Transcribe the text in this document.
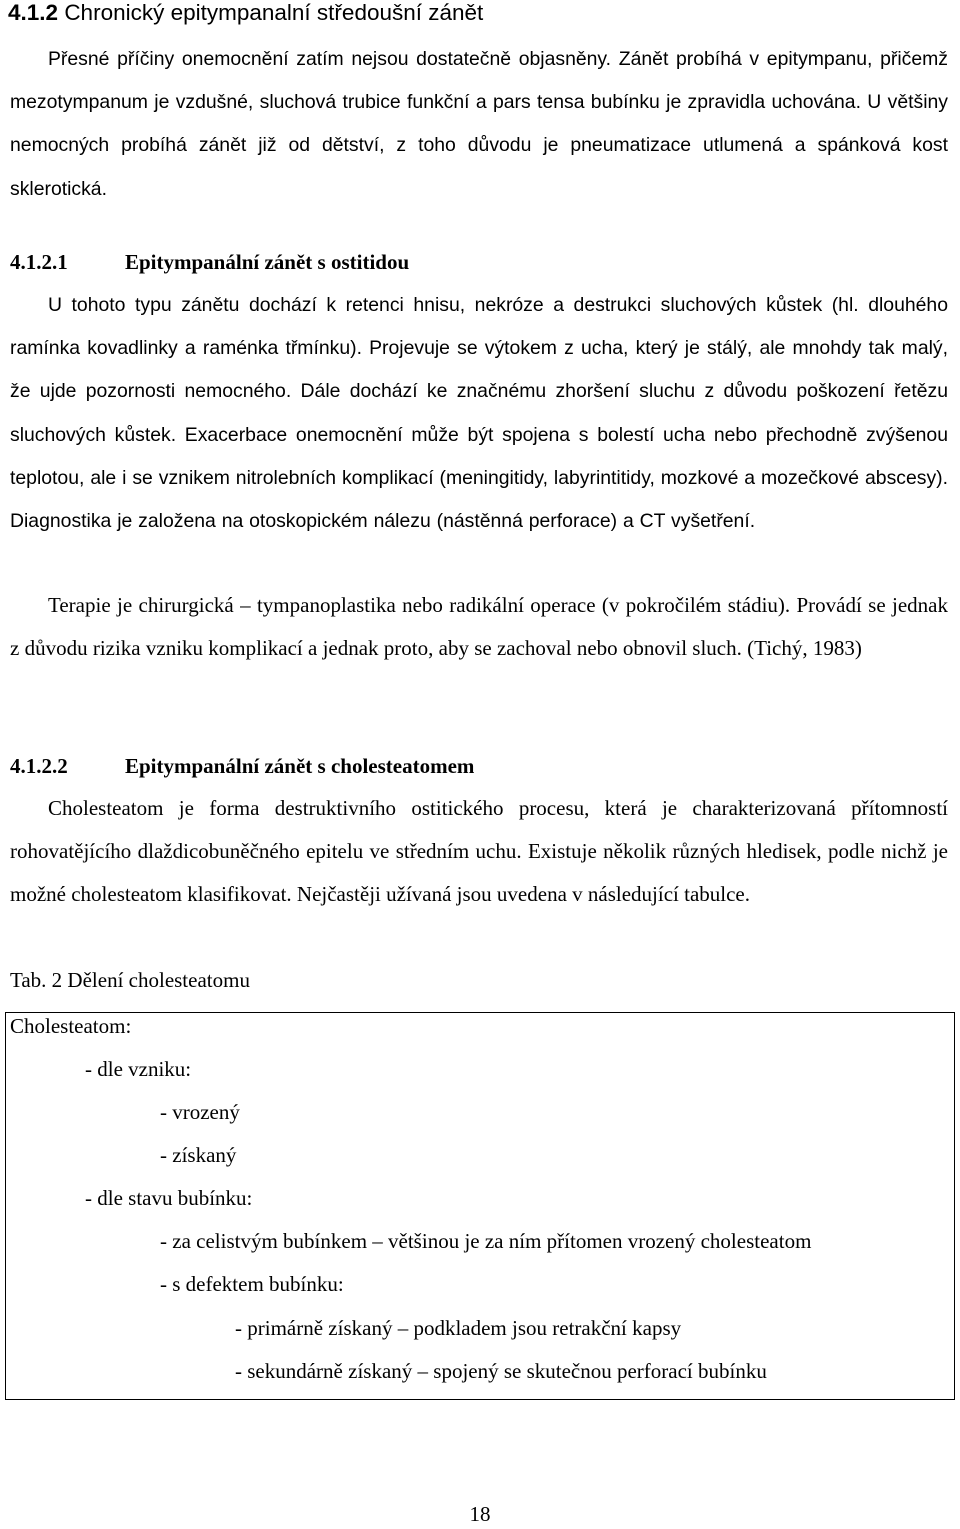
4.1.2 Chronický epitympanalní středoušní zánět

Přesné příčiny onemocnění zatím nejsou dostatečně objasněny. Zánět probíhá v epitympanu, přičemž mezotympanum je vzdušné, sluchová trubice funkční a pars tensa bubínku je zpravidla uchována. U většiny nemocných probíhá zánět již od dětství, z toho důvodu je pneumatizace utlumená a spánková kost sklerotická.

4.1.2.1	Epitympanální zánět s ostitidou

U tohoto typu zánětu dochází k retenci hnisu, nekróze a destrukci sluchových kůstek (hl. dlouhého ramínka kovadlinky a raménka třmínku). Projevuje se výtokem z ucha, který je stálý, ale mnohdy tak malý, že ujde pozornosti nemocného. Dále dochází ke značnému zhoršení sluchu z důvodu poškození řetězu sluchových kůstek. Exacerbace onemocnění může být spojena s bolestí ucha nebo přechodně zvýšenou teplotou, ale i se vznikem nitrolebních komplikací (meningitidy, labyrintitidy, mozkové a mozečkové abscesy). Diagnostika je založena na otoskopickém nálezu (nástěnná perforace) a CT vyšetření.

Terapie je chirurgická – tympanoplastika nebo radikální operace (v pokročilém stádiu). Provádí se jednak z důvodu rizika vzniku komplikací a jednak proto, aby se zachoval nebo obnovil sluch. (Tichý, 1983)

4.1.2.2	Epitympanální zánět s cholesteatomem

Cholesteatom je forma destruktivního ostitického procesu, která je charakterizovaná přítomností rohovatějícího dlaždicobuněčného epitelu ve středním uchu. Existuje několik různých hledisek, podle nichž je možné cholesteatom klasifikovat. Nejčastěji užívaná jsou uvedena v následující tabulce.

Tab. 2 Dělení cholesteatomu
Cholesteatom:
- dle vzniku:
- vrozený
- získaný
- dle stavu bubínku:
- za celistvým bubínkem – většinou je za ním přítomen vrozený cholesteatom
- s defektem bubínku:
- primárně získaný – podkladem jsou retrakční kapsy
- sekundárně získaný – spojený se skutečnou perforací bubínku
18
